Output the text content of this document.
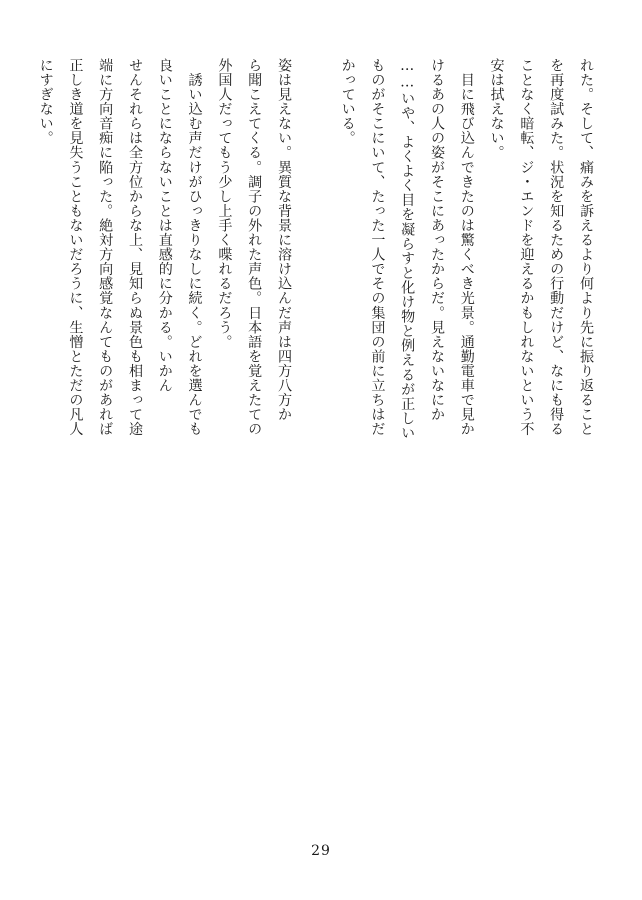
れた。そして、痛みを訴えるより何より先に振り返ること
を再度試みた。状況を知るための行動だけど、なにも得る
ことなく暗転、ジ・エンドを迎えるかもしれないという不
安は拭えない。
　目に飛び込んできたのは驚くべき光景。通勤電車で見か
けるあの人の姿がそこにあったからだ。見えないなにか
……いや、よくよく目を凝らすと化け物と例えるが正しい
ものがそこにいて、たった一人でその集団の前に立ちはだ
かっている。
姿は見えない。異質な背景に溶け込んだ声は四方八方か
ら聞こえてくる。調子の外れた声色。日本語を覚えたての
外国人だってもう少し上手く喋れるだろう。
　誘い込む声だけがひっきりなしに続く。どれを選んでも
良いことにならないことは直感的に分かる。いかん
せんそれらは全方位からな上、見知らぬ景色も相まって途
端に方向音痴に陥った。絶対方向感覚なんてものがあれば
正しき道を見失うこともないだろうに、生憎とただの凡人
にすぎない。
29
